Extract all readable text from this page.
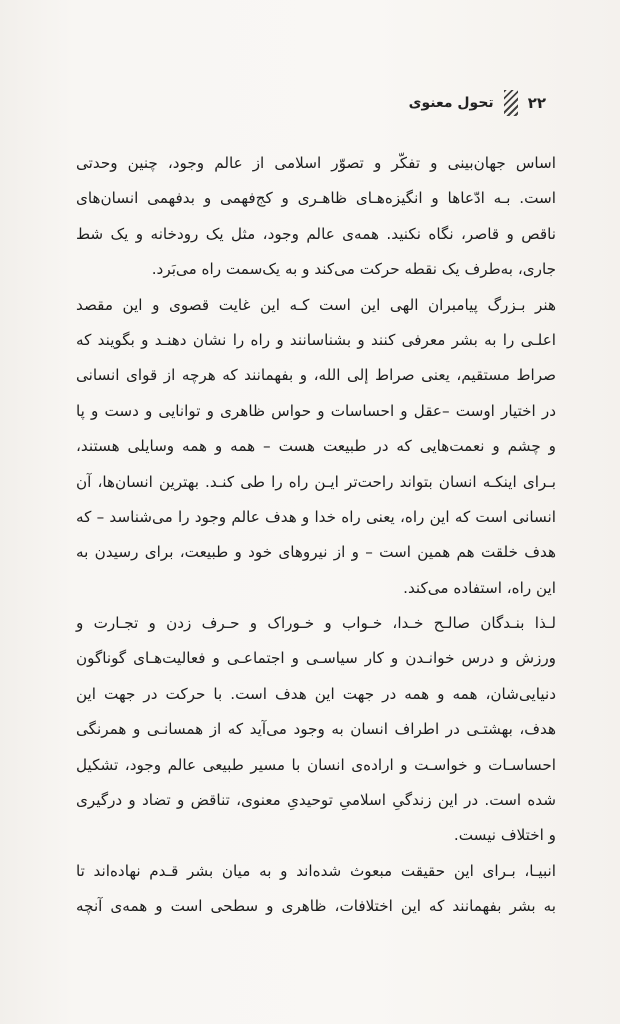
۲۲
تحول معنوی
اساس جهان‌بینی و تفکّر و تصوّر اسلامی از عالم وجود، چنین وحدتی
است. بـه ادّعاها و انگیزه‌هـای ظاهـری و کج‌فهمی و بدفهمی انسان‌های
ناقص و قاصر، نگاه نکنید. همه‌ی عالم وجود، مثل یک رودخانه و یک شط
جاری، به‌طرف یک نقطه حرکت می‌کند و به یک‌سمت راه می‌بَرد.
هنر بـزرگ پیامبران الهی این است کـه این غایت قصوی و این مقصد
اعلـی را به بشر معرفی کنند و بشناسانند و راه را نشان دهنـد و بگویند که
صراط مستقیم، یعنی صراط إلی الله، و بفهمانند که هرچه از قوای انسانی
در اختیار اوست –عقل و احساسات و حواس ظاهری و توانایی و دست و پا
و چشم و نعمت‌هایی که در طبیعت هست – همه و همه وسایلی هستند،
بـرای اینکـه انسان بتواند راحت‌تر ایـن راه را طی کنـد. بهترین انسان‌ها، آن
انسانی است که این راه، یعنی راه خدا و هدف عالم وجود را می‌شناسد – که
هدف خلقت هم همین است – و از نیروهای خود و طبیعت، برای رسیدن به
این راه، استفاده می‌کند.
لـذا بنـدگان صالـح خـدا، خـواب و خـوراک و حـرف زدن و تجـارت و
ورزش و درس خوانـدن و کار سیاسـی و اجتماعـی و فعالیت‌هـای گوناگون
دنیایی‌شان، همه و همه در جهت این هدف است. با حرکت در جهت این
هدف، بهشتـی در اطراف انسان به وجود می‌آید که از همسانـی و همرنگی
احساسـات و خواسـت و اراده‌ی انسان با مسیر طبیعی عالم وجود، تشکیل
شده است. در این زندگیِ اسلامیِ توحیدیِ معنوی، تناقض و تضاد و درگیری
و اختلاف نیست.
انبیـا، بـرای این حقیقت مبعوث شده‌اند و به میان بشر قـدم نهاده‌اند تا
به بشر بفهمانند که این اختلافات، ظاهری و سطحی است و همه‌ی آنچه
